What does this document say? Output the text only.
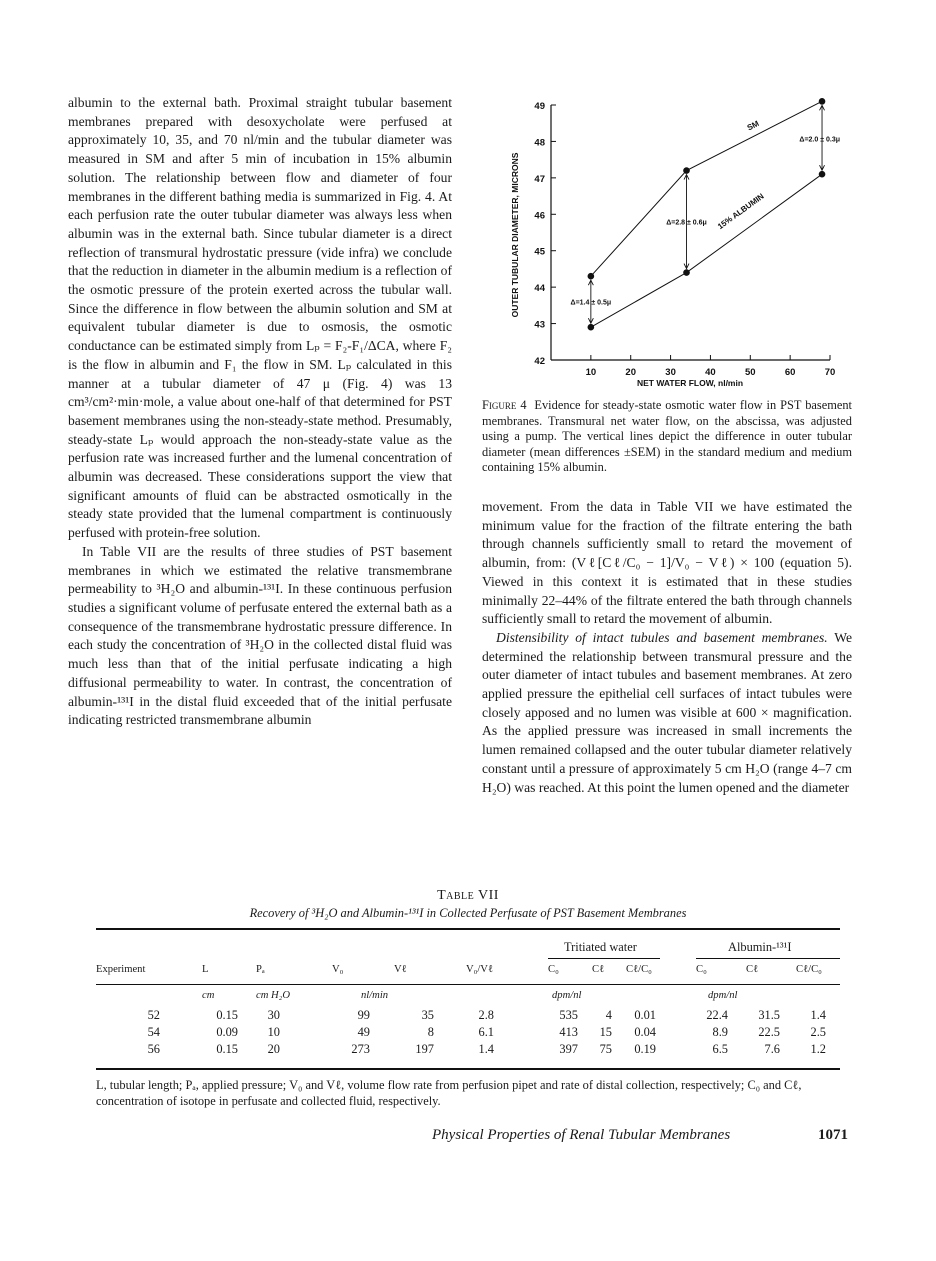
albumin to the external bath. Proximal straight tubular basement membranes prepared with desoxycholate were perfused at approximately 10, 35, and 70 nl/min and the tubular diameter was measured in SM and after 5 min of incubation in 15% albumin solution. The relationship between flow and diameter of four membranes in the different bathing media is summarized in Fig. 4. At each perfusion rate the outer tubular diameter was always less when albumin was in the external bath. Since tubular diameter is a direct reflection of transmural hydrostatic pressure (vide infra) we conclude that the reduction in diameter in the albumin medium is a reflection of the osmotic pressure of the protein exerted across the tubular wall. Since the difference in flow between the albumin solution and SM at equivalent tubular diameter is due to osmosis, the osmotic conductance can be estimated simply from Lₚ = F₂-F₁/ΔCA, where F₂ is the flow in albumin and F₁ the flow in SM. Lₚ calculated in this manner at a tubular diameter of 47 μ (Fig. 4) was 13 cm³/cm²·min·mole, a value about one-half of that determined for PST basement membranes using the non-steady-state method. Presumably, steady-state Lₚ would approach the non-steady-state value as the perfusion rate was increased further and the lumenal concentration of albumin was decreased. These considerations support the view that significant amounts of fluid can be abstracted osmotically in the steady state provided that the lumenal compartment is continuously perfused with protein-free solution.

In Table VII are the results of three studies of PST basement membranes in which we estimated the relative transmembrane permeability to ³H₂O and albumin-¹³¹I. In these continuous perfusion studies a significant volume of perfusate entered the external bath as a consequence of the transmembrane hydrostatic pressure difference. In each study the concentration of ³H₂O in the collected distal fluid was much less than that of the initial perfusate indicating a high diffusional permeability to water. In contrast, the concentration of albumin-¹³¹I in the distal fluid exceeded that of the initial perfusate indicating restricted transmembrane albumin

42
43
44
45
46
47
48
49
10	20	30	40	50	60	70
SM
15% ALBUMIN
Δ=1.4 ± 0.5μ
Δ=2.8 ± 0.6μ
Δ=2.0 ± 0.3μ
OUTER TUBULAR DIAMETER, MICRONS
NET WATER FLOW, nl/min
Figure 4 Evidence for steady-state osmotic water flow in PST basement membranes. Transmural net water flow, on the abscissa, was adjusted using a pump. The vertical lines depict the difference in outer tubular diameter (mean differences ±SEM) in the standard medium and medium containing 15% albumin.

movement. From the data in Table VII we have estimated the minimum value for the fraction of the filtrate entering the bath through channels sufficiently small to retard the movement of albumin, from: (Vℓ[Cℓ/C₀ − 1]/V₀ − Vℓ) × 100 (equation 5). Viewed in this context it is estimated that in these studies minimally 22–44% of the filtrate entered the bath through channels sufficiently small to retard the movement of albumin.

Distensibility of intact tubules and basement membranes. We determined the relationship between transmural pressure and the outer diameter of intact tubules and basement membranes. At zero applied pressure the epithelial cell surfaces of intact tubules were closely apposed and no lumen was visible at 600 × magnification. As the applied pressure was increased in small increments the lumen remained collapsed and the outer tubular diameter relatively constant until a pressure of approximately 5 cm H₂O (range 4–7 cm H₂O) was reached. At this point the lumen opened and the diameter

Table VII
Recovery of ³H₂O and Albumin-¹³¹I in Collected Perfusate of PST Basement Membranes
Tritiated water	Albumin-¹³¹I
Experiment	L	Pₐ	V₀	Vℓ	V₀/Vℓ	C₀	Cℓ Cℓ/C₀	C₀	Cℓ	Cℓ/C₀
cm	cm H₂O	nl/min	dpm/nl	dpm/nl
52	0.15	30	99	35	2.8	535	4	0.01	22.4	31.5	1.4
54	0.09	10	49	8	6.1	413	15	0.04	8.9	22.5	2.5
56	0.15	20	273	197	1.4	397	75	0.19	6.5	7.6	1.2
L, tubular length; Pₐ, applied pressure; V₀ and Vℓ, volume flow rate from perfusion pipet and rate of distal collection, respectively; C₀ and Cℓ, concentration of isotope in perfusate and collected fluid, respectively.
Physical Properties of Renal Tubular Membranes	1071
